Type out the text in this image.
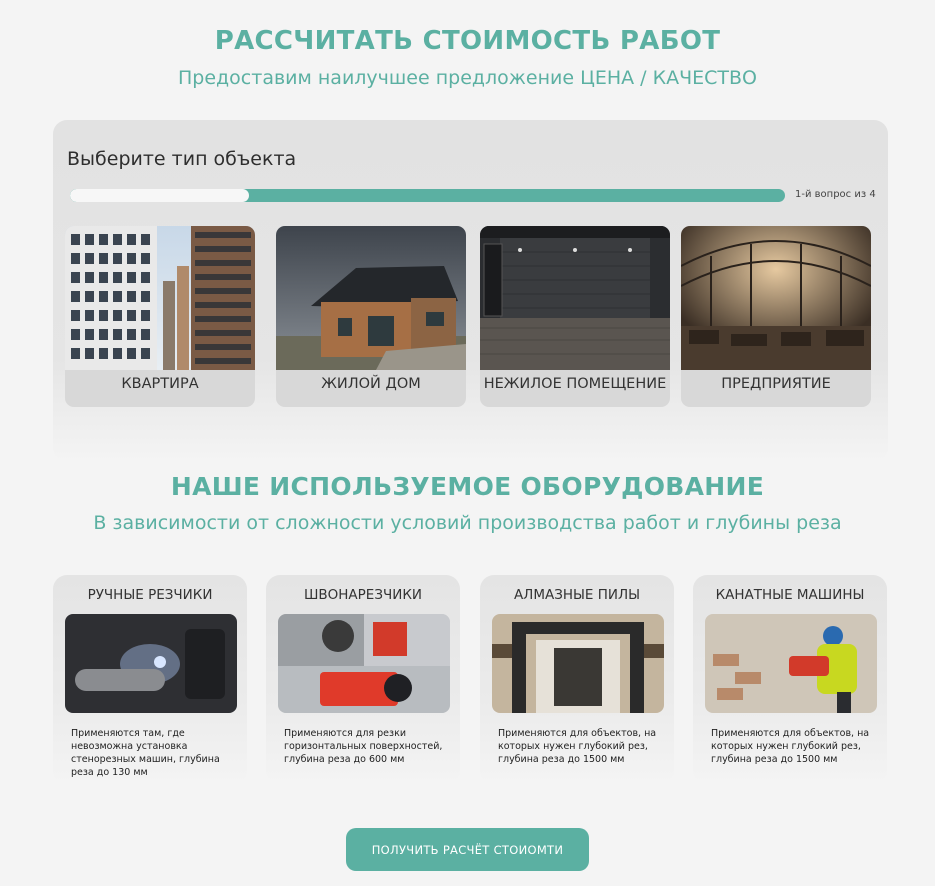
РАССЧИТАТЬ СТОИМОСТЬ РАБОТ
Предоставим наилучшее предложение ЦЕНА / КАЧЕСТВО
Выберите тип объекта
1-й вопрос из 4
КВАРТИРА	ЖИЛОЙ ДОМ	НЕЖИЛОЕ ПОМЕЩЕНИЕ	ПРЕДПРИЯТИЕ
НАШЕ ИСПОЛЬЗУЕМОЕ ОБОРУДОВАНИЕ
В зависимости от сложности условий производства работ и глубины реза
РУЧНЫЕ РЕЗЧИКИ
Применяются там, где невозможна установка стенорезных машин, глубина реза до 130 мм
ШВОНАРЕЗЧИКИ
Применяются для резки горизонтальных поверхностей, глубина реза до 600 мм
АЛМАЗНЫЕ ПИЛЫ
Применяются для объектов, на которых нужен глубокий рез, глубина реза до 1500 мм
КАНАТНЫЕ МАШИНЫ
Применяются для объектов, на которых нужен глубокий рез, глубина реза до 1500 мм
ПОЛУЧИТЬ РАСЧЁТ СТОИОМТИ
